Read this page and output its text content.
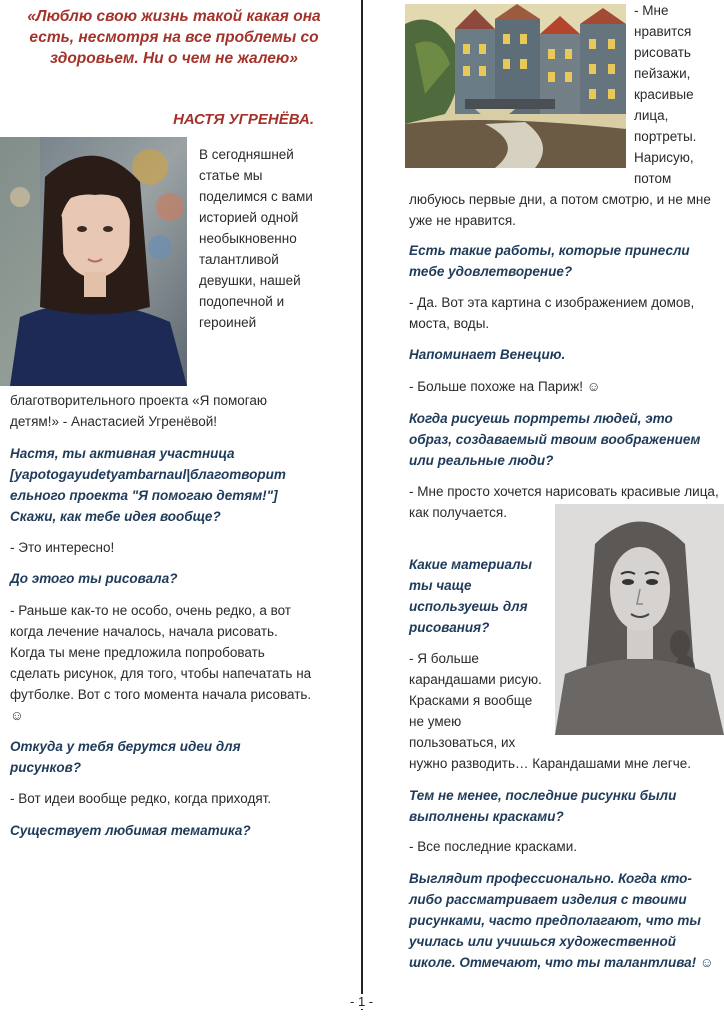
«Люблю свою жизнь такой какая она есть, несмотря на все проблемы со здоровьем. Ни о чем не жалею»
НАСТЯ УГРЕНЁВА.
В сегодняшней статье мы поделимся с вами историей одной необыкновенно талантливой девушки, нашей подопечной и героиней
благотворительного проекта «Я помогаю детям!» - Анастасией Угренёвой!
Настя, ты активная участница [yapotogayudetyambarnaul|благотворит ельного проекта "Я помогаю детям!"] Скажи, как тебе идея вообще?
- Это интересно!
До этого ты рисовала?
- Раньше как-то не особо, очень редко, а вот когда лечение началось, начала рисовать. Когда ты мене предложила попробовать сделать рисунок, для того, чтобы напечатать на футболке. Вот с того момента начала рисовать. ☺
Откуда у тебя берутся идеи для рисунков?
- Вот идеи вообще редко, когда приходят.
Существует любимая тематика?
- 1 -
- Мне нравится рисовать пейзажи, красивые лица, портреты. Нарисую, потом
любуюсь первые дни, а потом смотрю, и не мне уже не нравится.
Есть такие работы, которые принесли тебе удовлетворение?
- Да. Вот эта картина с изображением домов, моста, воды.
Напоминает Венецию.
- Больше похоже на Париж! ☺
Когда рисуешь портреты людей, это образ, создаваемый твоим воображением или реальные люди?
- Мне просто хочется нарисовать красивые лица, как получается.
Какие материалы ты чаще используешь для рисования?
- Я больше карандашами рисую. Красками я вообще не умею пользоваться, их
нужно разводить… Карандашами мне легче.
Тем не менее, последние рисунки были выполнены красками?
- Все последние красками.
Выглядит профессионально. Когда кто-либо рассматривает изделия с твоими рисунками, часто предполагают, что ты училась или учишься художественной школе. Отмечают, что ты талантлива! ☺
